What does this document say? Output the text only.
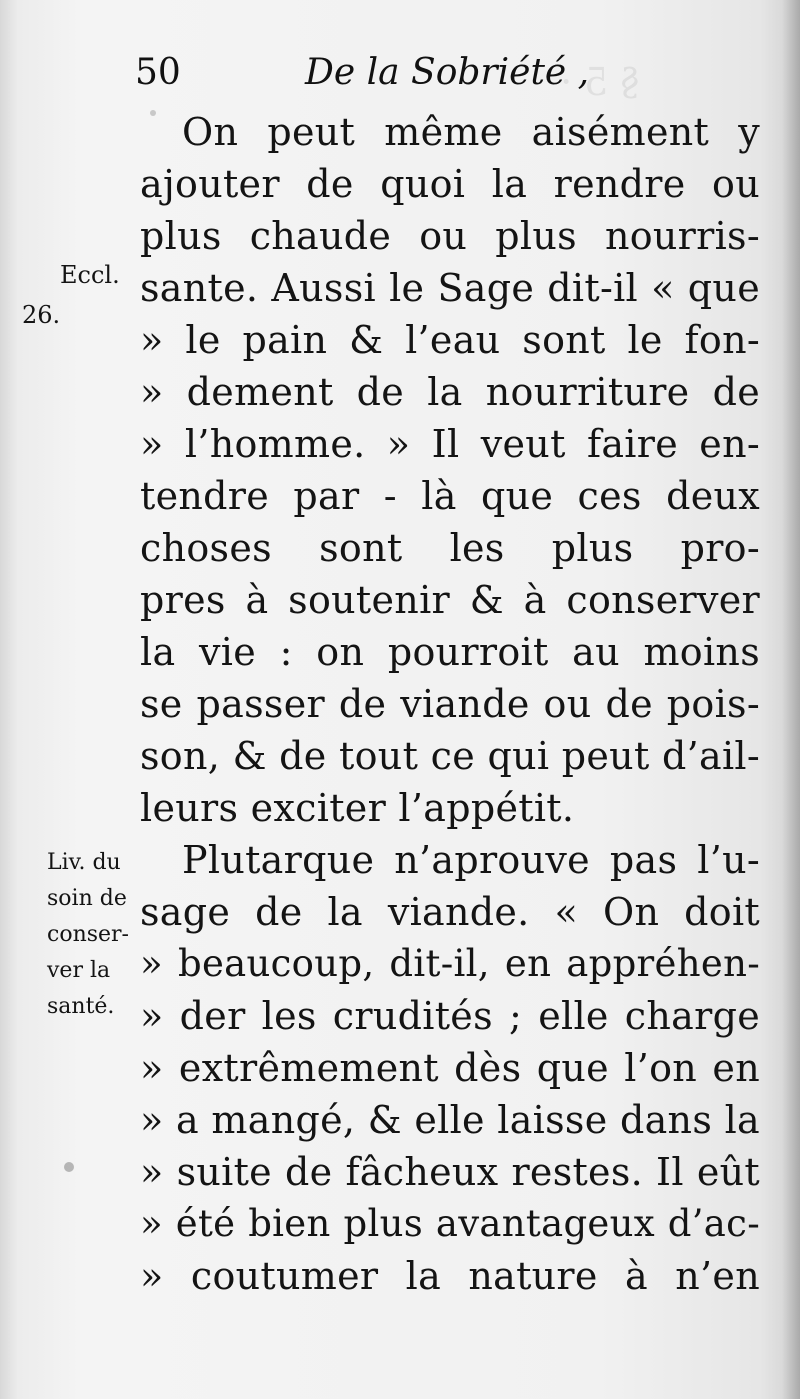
§ 5 ·
50	De la Sobriété ,
Eccl.
26.
Liv. du
soin de
conser-
ver la
santé.
On peut même aisément y
ajouter de quoi la rendre ou
plus chaude ou plus nourris-
sante. Aussi le Sage dit-il « que
» le pain & l’eau sont le fon-
» dement de la nourriture de
» l’homme. » Il veut faire en-
tendre par - là que ces deux
choses sont les plus pro-
pres à soutenir & à conserver
la vie : on pourroit au moins
se passer de viande ou de pois-
son, & de tout ce qui peut d’ail-
leurs exciter l’appétit.
Plutarque n’aprouve pas l’u-
sage de la viande. « On doit
» beaucoup, dit-il, en appréhen-
» der les crudités ; elle charge
» extrêmement dès que l’on en
» a mangé, & elle laisse dans la
» suite de fâcheux restes. Il eût
» été bien plus avantageux d’ac-
» coutumer la nature à n’en
